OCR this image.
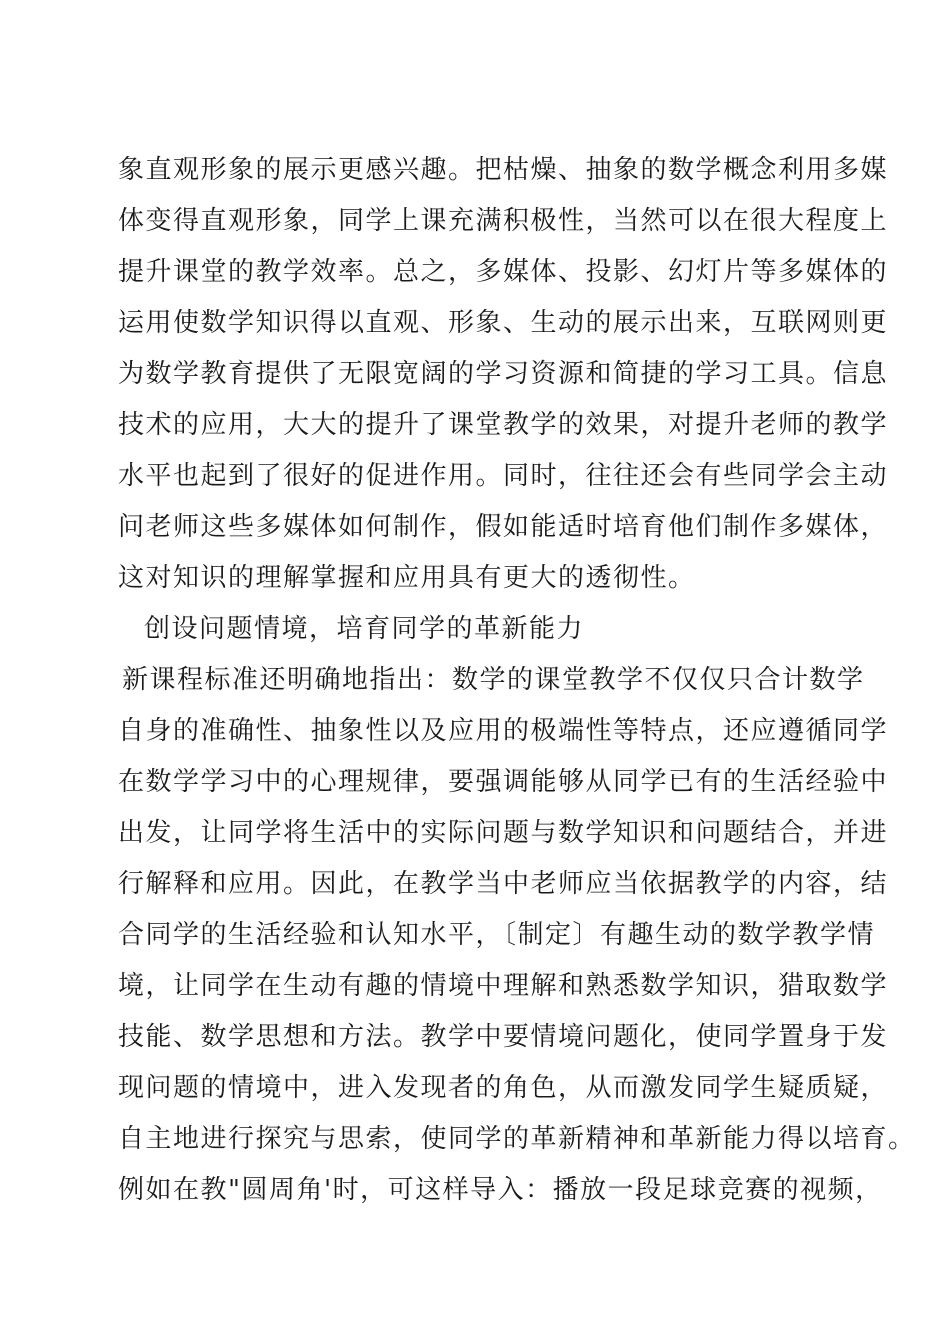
象直观形象的展示更感兴趣。把枯燥、抽象的数学概念利用多媒
体变得直观形象，同学上课充满积极性，当然可以在很大程度上
提升课堂的教学效率。总之，多媒体、投影、幻灯片等多媒体的
运用使数学知识得以直观、形象、生动的展示出来，互联网则更
为数学教育提供了无限宽阔的学习资源和简捷的学习工具。信息
技术的应用，大大的提升了课堂教学的效果，对提升老师的教学
水平也起到了很好的促进作用。同时，往往还会有些同学会主动
问老师这些多媒体如何制作，假如能适时培育他们制作多媒体，
这对知识的理解掌握和应用具有更大的透彻性。
创设问题情境，培育同学的革新能力
新课程标准还明确地指出：数学的课堂教学不仅仅只合计数学
自身的准确性、抽象性以及应用的极端性等特点，还应遵循同学
在数学学习中的心理规律，要强调能够从同学已有的生活经验中
出发，让同学将生活中的实际问题与数学知识和问题结合，并进
行解释和应用。因此，在教学当中老师应当依据教学的内容，结
合同学的生活经验和认知水平，〔制定〕有趣生动的数学教学情
境，让同学在生动有趣的情境中理解和熟悉数学知识，猎取数学
技能、数学思想和方法。教学中要情境问题化，使同学置身于发
现问题的情境中，进入发现者的角色，从而激发同学生疑质疑，
自主地进行探究与思索，使同学的革新精神和革新能力得以培育。
例如在教"圆周角'时，可这样导入：播放一段足球竞赛的视频，
